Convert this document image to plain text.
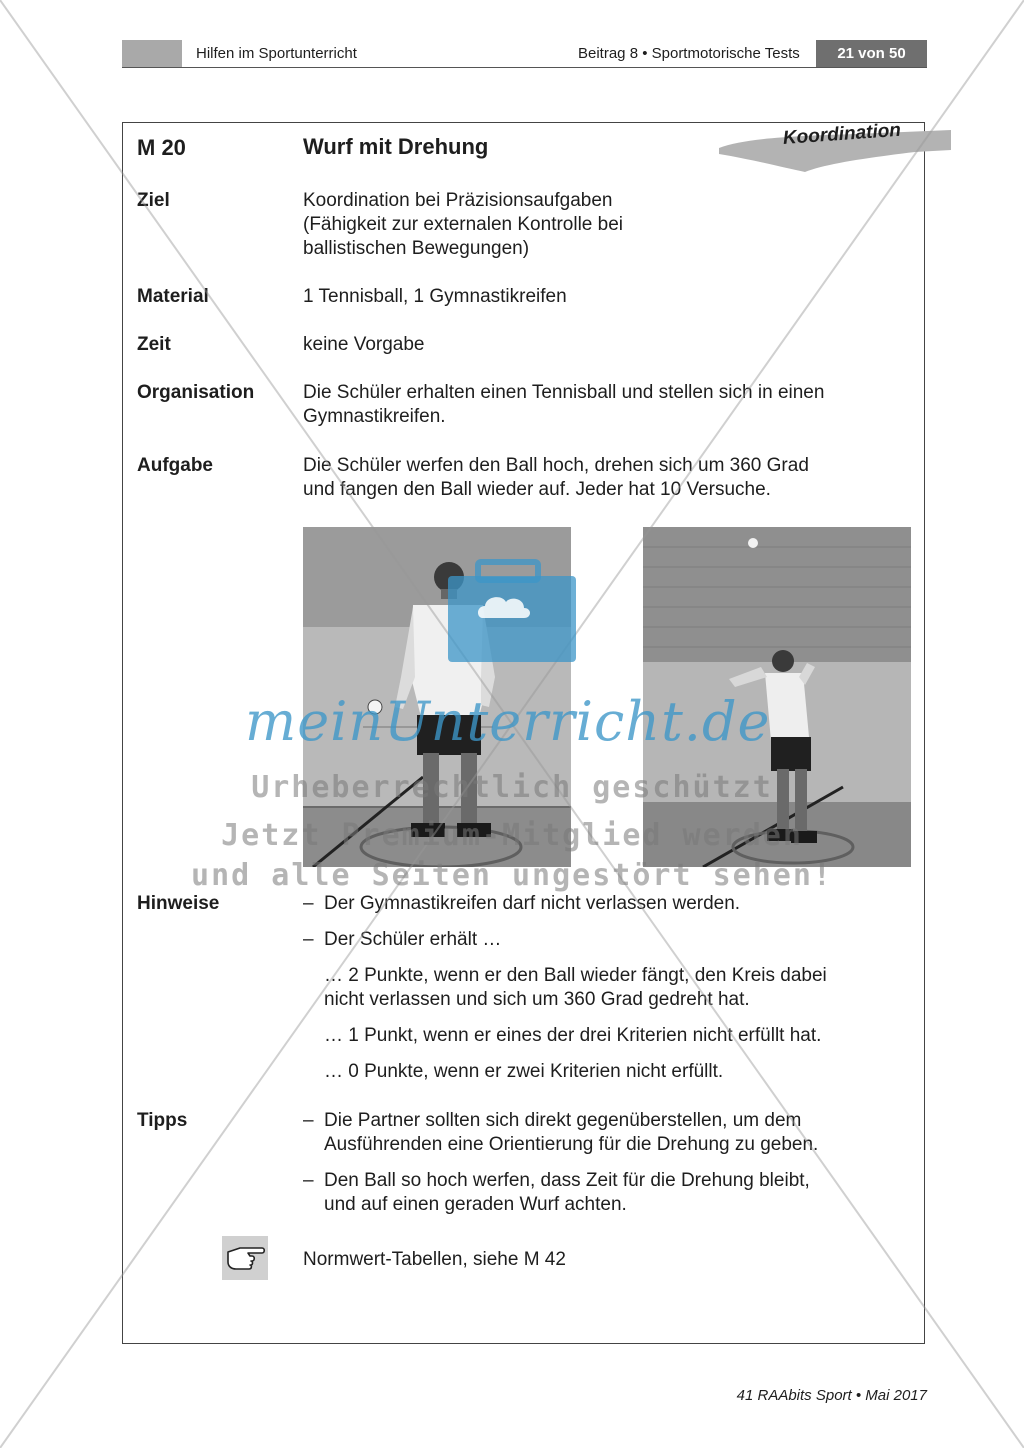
Hilfen im Sportunterricht	Beitrag 8 • Sportmotorische Tests	21 von 50
Koordination
M 20	Wurf mit Drehung
Ziel	Koordination bei Präzisionsaufgaben
(Fähigkeit zur externalen Kontrolle bei
ballistischen Bewegungen)
Material	1 Tennisball, 1 Gymnastikreifen
Zeit	keine Vorgabe
Organisation	Die Schüler erhalten einen Tennisball und stellen sich in einen
Gymnastikreifen.
Aufgabe	Die Schüler werfen den Ball hoch, drehen sich um 360 Grad
und fangen den Ball wieder auf. Jeder hat 10 Versuche.
Hinweise	– Der Gymnastikreifen darf nicht verlassen werden.
– Der Schüler erhält …
… 2 Punkte, wenn er den Ball wieder fängt, den Kreis dabei
nicht verlassen und sich um 360 Grad gedreht hat.
… 1 Punkt, wenn er eines der drei Kriterien nicht erfüllt hat.
… 0 Punkte, wenn er zwei Kriterien nicht erfüllt.
Tipps	– Die Partner sollten sich direkt gegenüberstellen, um dem
Ausführenden eine Orientierung für die Drehung zu geben.
– Den Ball so hoch werfen, dass Zeit für die Drehung bleibt,
und auf einen geraden Wurf achten.
Normwert-Tabellen, siehe M 42
41 RAAbits Sport • Mai 2017
meinUnterricht.de
Urheberrechtlich geschützt
Jetzt Premium-Mitglied werden
und alle Seiten ungestört sehen!
